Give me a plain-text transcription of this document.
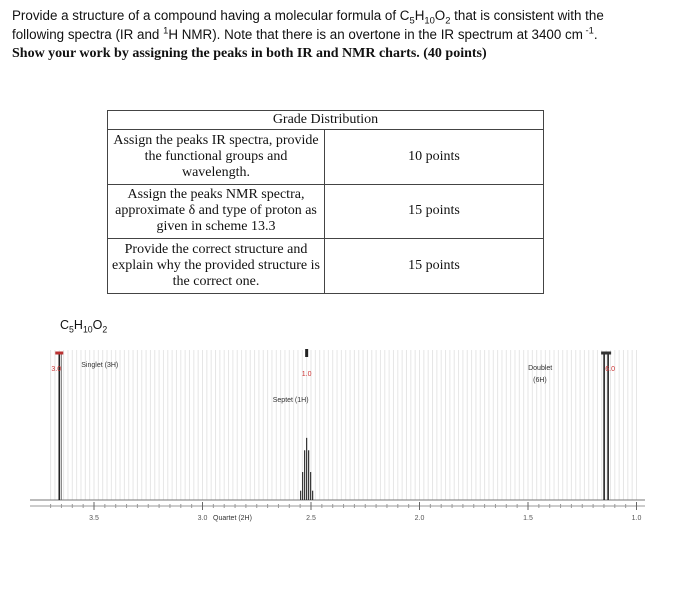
Provide a structure of a compound having a molecular formula of $C_5H_{10}O_2$ that is consistent with the
following spectra (IR and $^1$H NMR). Note that there is an overtone in the IR spectrum at 3400 cm $^{-1}$.
Show your work by assigning the peaks in both IR and NMR charts. (40 points)
Grade Distribution	
Assign the peaks IR spectra, provide the functional groups and wavelength.	10 points
Assign the peaks NMR spectra, approximate δ and type of proton as given in scheme 13.3	15 points
Provide the correct structure and explain why the provided structure is the correct one.	15 points
$C_5H_{10}O_2$
3.5	3.0	2.5	2.0	1.5	1.0
3.0
Singlet (3H)
1.0
Septet (1H)
6.0
Doublet
(6H)
Quartet (2H)
